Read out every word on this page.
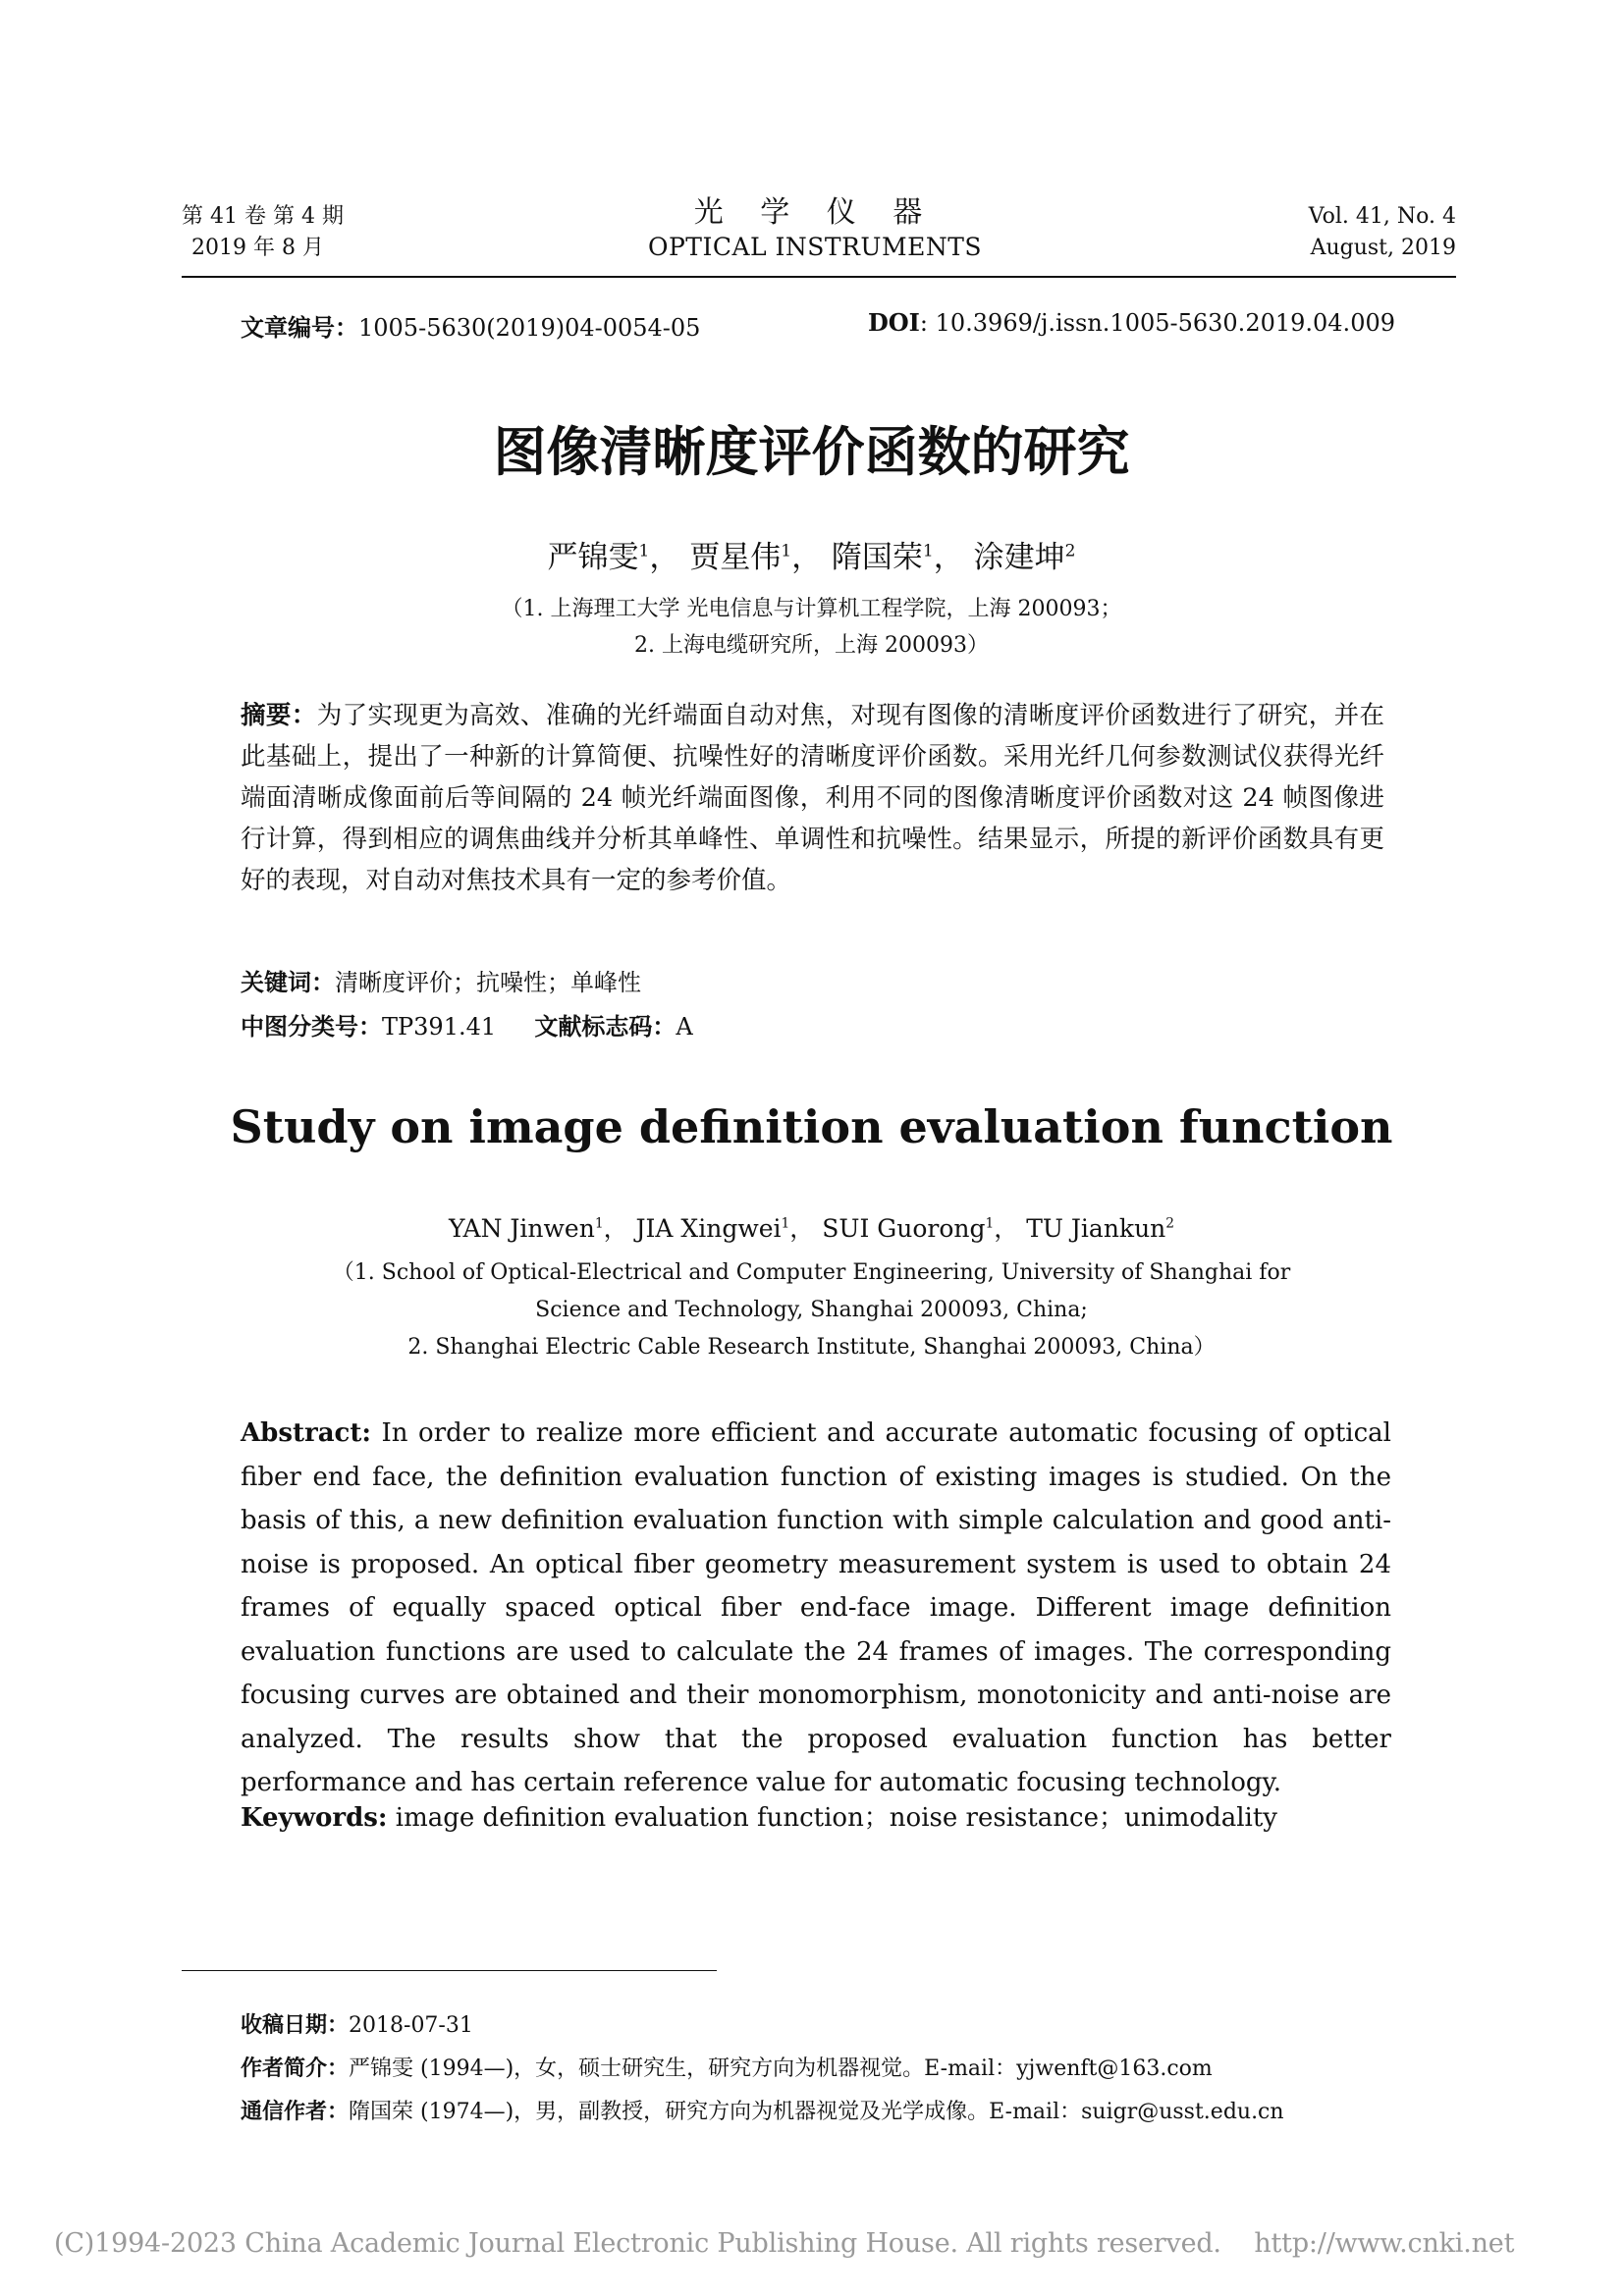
第 41 卷 第 4 期
2019 年 8 月
光 学 仪 器
OPTICAL INSTRUMENTS
Vol. 41, No. 4
August, 2019
文章编号：1005-5630(2019)04-0054-05	DOI: 10.3969/j.issn.1005-5630.2019.04.009
图像清晰度评价函数的研究
严锦雯$^1$， 贾星伟$^1$， 隋国荣$^1$， 涂建坤$^2$
（1. 上海理工大学 光电信息与计算机工程学院，上海 200093；
2. 上海电缆研究所，上海 200093）
摘要：为了实现更为高效、准确的光纤端面自动对焦，对现有图像的清晰度评价函数进行了研究，并在此基础上，提出了一种新的计算简便、抗噪性好的清晰度评价函数。采用光纤几何参数测试仪获得光纤端面清晰成像面前后等间隔的 24 帧光纤端面图像，利用不同的图像清晰度评价函数对这 24 帧图像进行计算，得到相应的调焦曲线并分析其单峰性、单调性和抗噪性。结果显示，所提的新评价函数具有更好的表现，对自动对焦技术具有一定的参考价值。
关键词：清晰度评价；抗噪性；单峰性
中图分类号：TP391.41 文献标志码：A
Study on image definition evaluation function
YAN Jinwen$^1$， JIA Xingwei$^1$， SUI Guorong$^1$， TU Jiankun$^2$
（1. School of Optical-Electrical and Computer Engineering, University of Shanghai for
Science and Technology, Shanghai 200093, China;
2. Shanghai Electric Cable Research Institute, Shanghai 200093, China）
Abstract: In order to realize more efficient and accurate automatic focusing of optical fiber end face, the definition evaluation function of existing images is studied. On the basis of this, a new definition evaluation function with simple calculation and good anti-noise is proposed. An optical fiber geometry measurement system is used to obtain 24 frames of equally spaced optical fiber end-face image. Different image definition evaluation functions are used to calculate the 24 frames of images. The corresponding focusing curves are obtained and their monomorphism, monotonicity and anti-noise are analyzed. The results show that the proposed evaluation function has better performance and has certain reference value for automatic focusing technology.
Keywords: image definition evaluation function；noise resistance；unimodality
收稿日期：2018-07-31
作者简介：严锦雯 (1994—)，女，硕士研究生，研究方向为机器视觉。E-mail：yjwenft@163.com
通信作者：隋国荣 (1974—)，男，副教授，研究方向为机器视觉及光学成像。E-mail：suigr@usst.edu.cn
(C)1994-2023 China Academic Journal Electronic Publishing House. All rights reserved.    http://www.cnki.net
